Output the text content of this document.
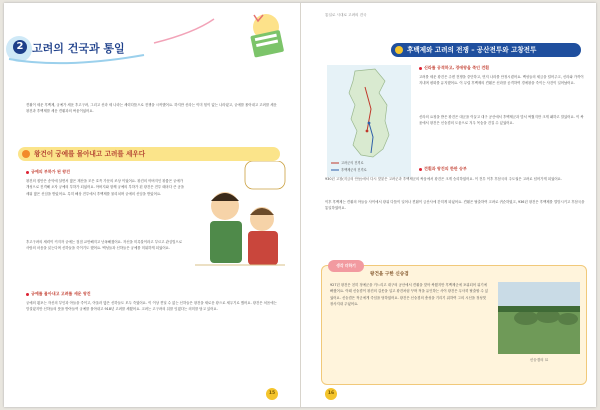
2 고려의 건국과 통일
견훤이 세운 후백제, 궁예가 세운 후고구려, 그리고 신라 세 나라는 세력다툼으로 전쟁을 시작했어요. 하지만 신라는 이미 힘이 없는 나라였고, 궁예를 몰아내고 고려를 세운 왕건과 후백제를 세운 견훤과의 싸움이었어요.
왕건이 궁예를 몰아내고 고려를 세우다
궁예의 부하가 된 왕건
왕건의 집안은 송악에 살면서 많은 재산을 모은 호족 가문의 조상 이었어요. 왕건의 아버지인 왕륭은 궁예가 개성으로 진격해 오자 궁예의 부하가 되었어요. 아버지와 함께 궁예의 부하가 된 왕건은 전투 때마다 큰 공을 세워 많은 신임을 받았어요. 특히 해상 전투에서 후백제를 물리치며 궁예의 신임을 받았어요.
후고구려의 세력이 커지자 궁예는 점점 교만해지고 난폭해졌어요. 자신을 미륵불이라고 부르고 관심법으로 사람의 마음을 읽는다며 신하들을 죽이기도 했어요. 백성들과 신하들은 궁예를 미워하게 되었어요.
궁예를 몰아내고 고려를 세운 왕건
궁예의 횡포는 자신의 부인과 아들을 죽이고, 아울러 많은 신하들도 모두 죽였어요. 이 이상 견딜 수 없는 신하들은 왕건을 새로운 왕으로 세우기로 했어요. 왕건은 처음에는 망설였지만 신하들의 뜻을 받아들여 궁예를 몰아내고 918년 고려를 세웠어요. 고려는 고구려의 뒤를 잇겠다는 의미를 담고 있어요.
15
통일로 시대로 고려의 건국
후백제와 고려의 전쟁 – 공산전투와 고창전투
고려군의 진격로
후백제군의 진격로
신라를 공격하고, 경애왕을 죽인 견훤
고려를 세운 왕건은 주변 전쟁을 중단하고, 먼저 나라를 안정시켰어요. 백성들의 세금을 덜어주고, 신라와 가까이 지내며 평화를 유지했어요. 이 무렵 후백제의 견훤은 신라를 공격하여 경애왕을 죽이는 사건이 일어났어요.
신라의 요청을 받은 왕건은 대군을 이끌고 대구 공산에서 후백제군과 맞서 싸웠지만 크게 패하고 말았어요. 이 싸움에서 왕건은 신숭겸의 도움으로 겨우 목숨을 건질 수 있었어요.
견훤과 왕건의 한판 승부
930년 고창(지금의 안동)에서 다시 맞붙은 고려군과 후백제군의 싸움에서 왕건은 크게 승리하였어요. 이 전투 이후 후삼국의 주도권은 고려로 넘어가게 되었어요.
이후 후백제는 견훤의 아들들 사이에서 왕위 다툼이 일어나 견훤이 금산사에 갇히게 되었어요. 견훤은 탈출하여 고려로 귀순하였고, 936년 왕건은 후백제를 멸망시키고 후삼국을 통일하였어요.
생각 더하기
왕건을 구한 신숭겸
927년 왕건은 친히 정예군을 거느리고 대구의 공산에서 견훤을 맞아 싸웠지만 후백제군에 포위되어 위기에 빠졌어요. 이때 신숭겸이 왕건의 갑옷을 입고 왕건처럼 꾸며 적을 유인하는 사이 왕건은 무사히 탈출할 수 있었어요. 신숭겸은 적군에게 죽임을 당하였어요. 왕건은 신숭겸의 충성을 기리기 위하여 그의 시신을 정성껏 장사지내 주었어요.
신숭겸의 묘
16
